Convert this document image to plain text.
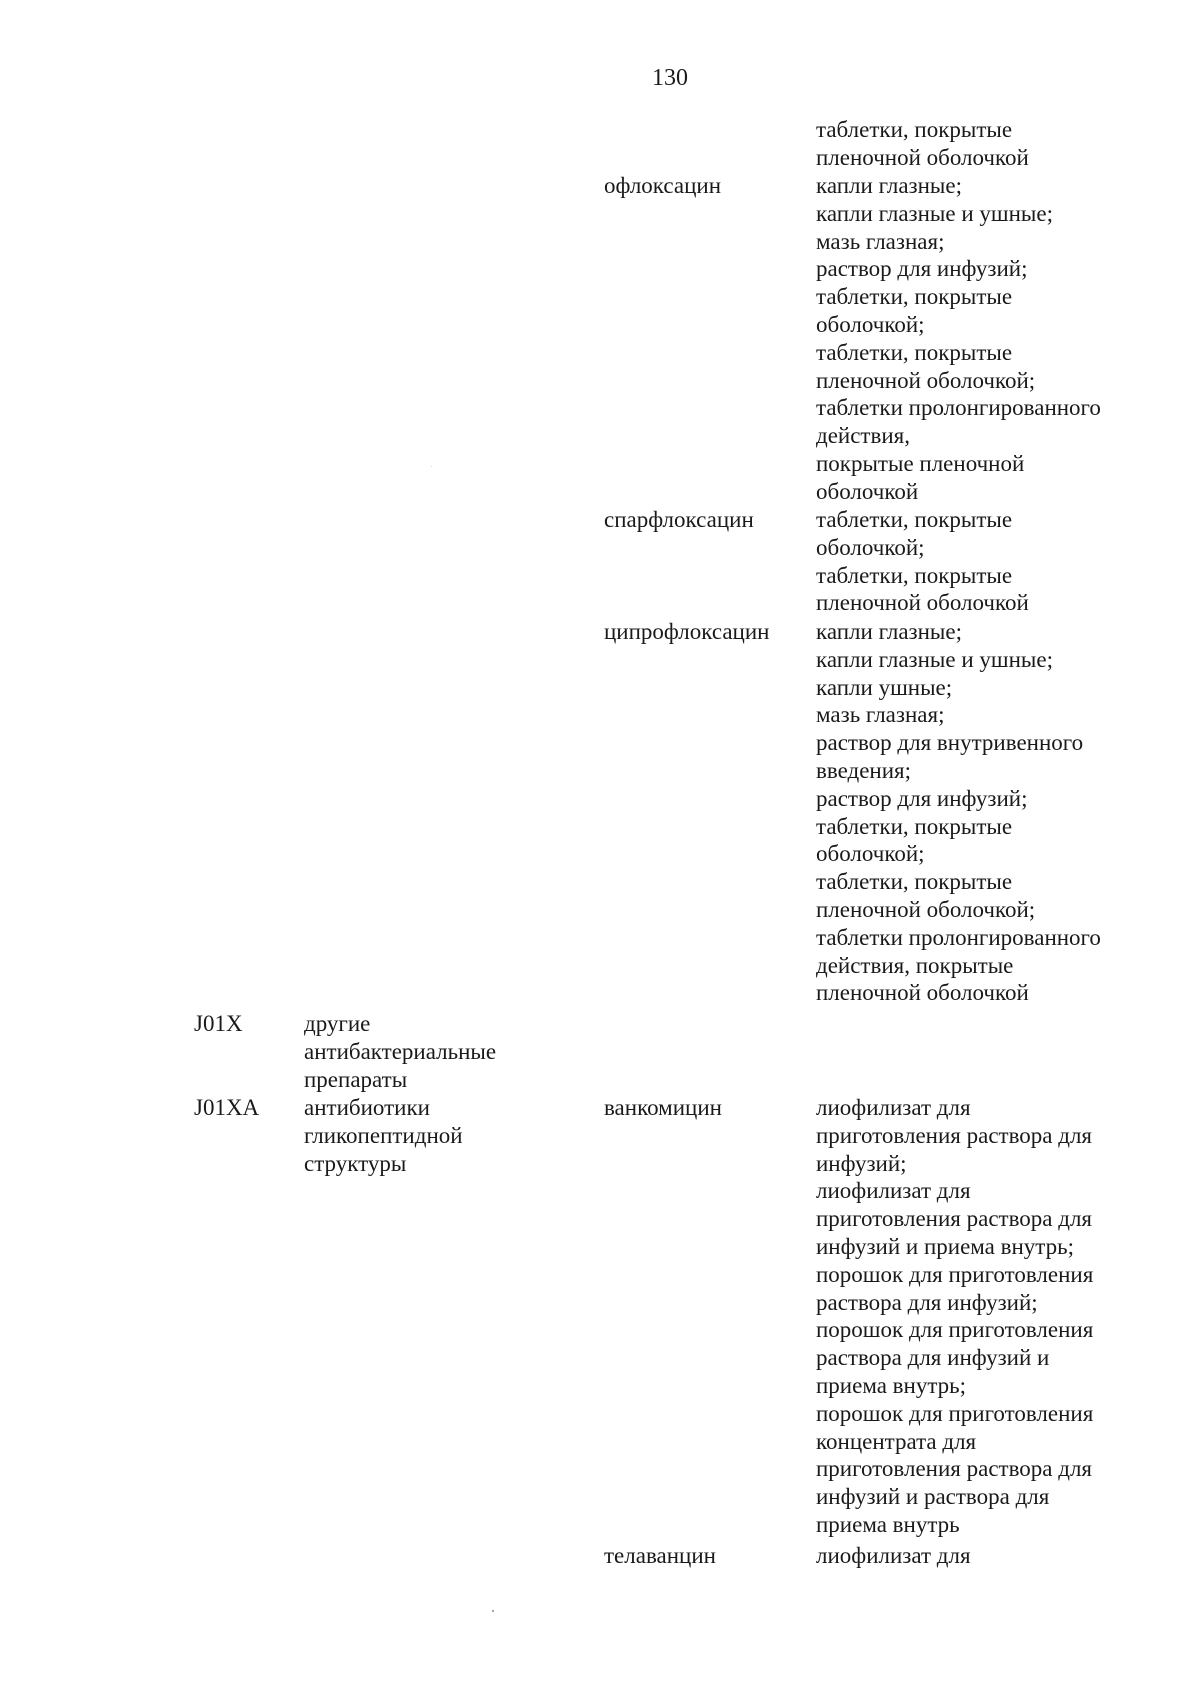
130
таблетки, покрытые
пленочной оболочкой
офлоксацин	капли глазные;
капли глазные и ушные;
мазь глазная;
раствор для инфузий;
таблетки, покрытые
оболочкой;
таблетки, покрытые
пленочной оболочкой;
таблетки пролонгированного
действия,
покрытые пленочной
оболочкой
спарфлоксацин	таблетки, покрытые
оболочкой;
таблетки, покрытые
пленочной оболочкой
ципрофлоксацин капли глазные;
капли глазные и ушные;
капли ушные;
мазь глазная;
раствор для внутривенного
введения;
раствор для инфузий;
таблетки, покрытые
оболочкой;
таблетки, покрытые
пленочной оболочкой;
таблетки пролонгированного
действия, покрытые
пленочной оболочкой
J01X	другие
антибактериальные
препараты
J01XA антибиотики
гликопептидной
структуры
ванкомицин	лиофилизат для
приготовления раствора для
инфузий;
лиофилизат для
приготовления раствора для
инфузий и приема внутрь;
порошок для приготовления
раствора для инфузий;
порошок для приготовления
раствора для инфузий и
приема внутрь;
порошок для приготовления
концентрата для
приготовления раствора для
инфузий и раствора для
приема внутрь
телаванцин	лиофилизат для
